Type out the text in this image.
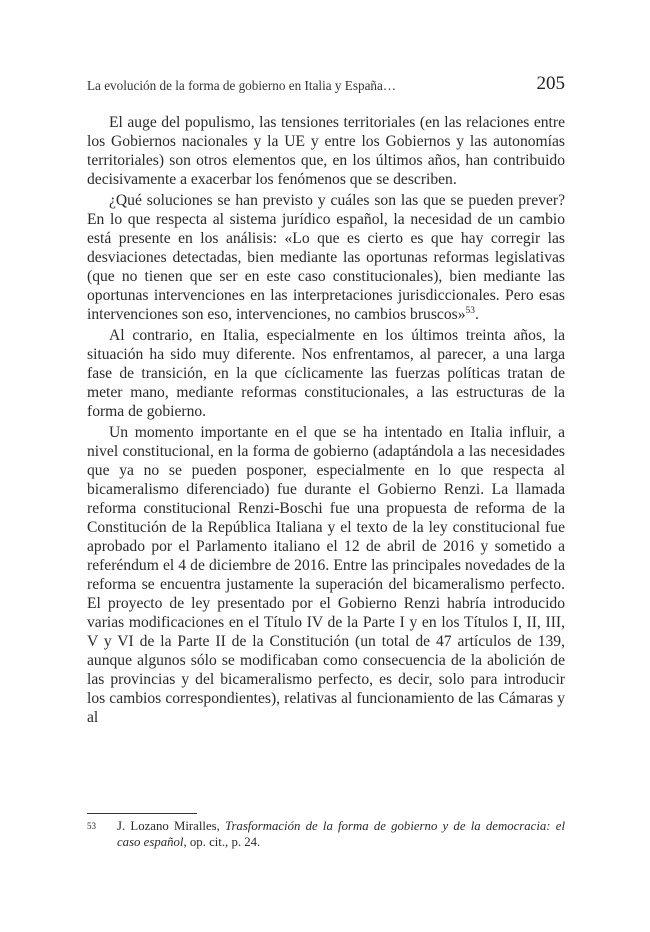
La evolución de la forma de gobierno en Italia y España…	205

El auge del populismo, las tensiones territoriales (en las relaciones entre los Gobiernos nacionales y la UE y entre los Gobiernos y las autonomías territoriales) son otros elementos que, en los últimos años, han contribuido decisivamente a exacerbar los fenómenos que se describen.

¿Qué soluciones se han previsto y cuáles son las que se pueden prever? En lo que respecta al sistema jurídico español, la necesidad de un cambio está presente en los análisis: «Lo que es cierto es que hay corregir las desviaciones detectadas, bien mediante las oportunas reformas legislativas (que no tienen que ser en este caso constitucionales), bien mediante las oportunas intervenciones en las interpretaciones jurisdiccionales. Pero esas intervenciones son eso, intervenciones, no cambios bruscos»$^{53}$.

Al contrario, en Italia, especialmente en los últimos treinta años, la situación ha sido muy diferente. Nos enfrentamos, al parecer, a una larga fase de transición, en la que cíclicamente las fuerzas políticas tratan de meter mano, mediante reformas constitucionales, a las estructuras de la forma de gobierno.

Un momento importante en el que se ha intentado en Italia influir, a nivel constitucional, en la forma de gobierno (adaptándola a las necesidades que ya no se pueden posponer, especialmente en lo que respecta al bicameralismo diferenciado) fue durante el Gobierno Renzi. La llamada reforma constitucional Renzi-Boschi fue una propuesta de reforma de la Constitución de la República Italiana y el texto de la ley constitucional fue aprobado por el Parlamento italiano el 12 de abril de 2016 y sometido a referéndum el 4 de diciembre de 2016. Entre las principales novedades de la reforma se encuentra justamente la superación del bicameralismo perfecto. El proyecto de ley presentado por el Gobierno Renzi habría introducido varias modificaciones en el Título IV de la Parte I y en los Títulos I, II, III, V y VI de la Parte II de la Constitución (un total de 47 artículos de 139, aunque algunos sólo se modificaban como consecuencia de la abolición de las provincias y del bicameralismo perfecto, es decir, solo para introducir los cambios correspondientes), relativas al funcionamiento de las Cámaras y al

53 J. Lozano Miralles, Trasformación de la forma de gobierno y de la democracia: el caso español, op. cit., p. 24.
